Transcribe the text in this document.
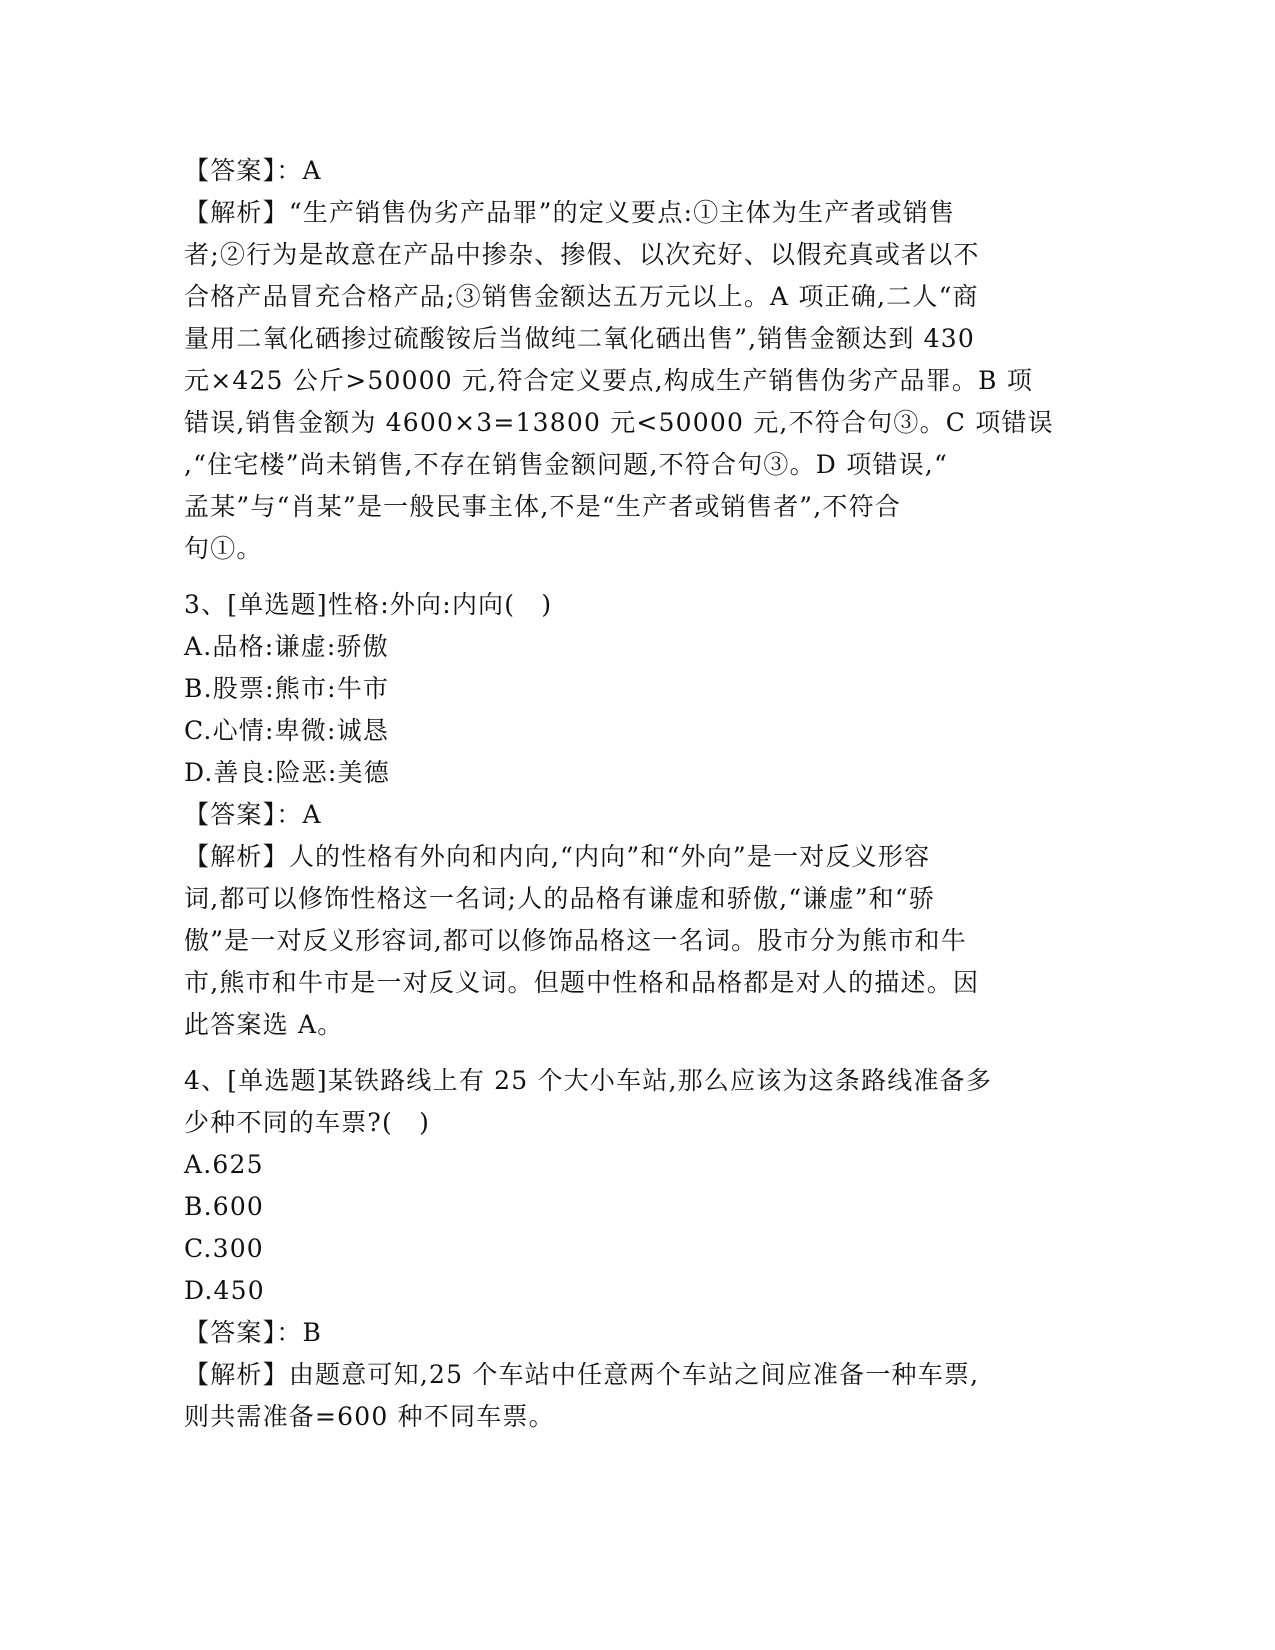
【答案】：A
【解析】“生产销售伪劣产品罪”的定义要点:①主体为生产者或销售
者;②行为是故意在产品中掺杂、掺假、以次充好、以假充真或者以不
合格产品冒充合格产品;③销售金额达五万元以上。A 项正确,二人“商
量用二氧化硒掺过硫酸铵后当做纯二氧化硒出售”,销售金额达到 430
元×425 公斤>50000 元,符合定义要点,构成生产销售伪劣产品罪。B 项
错误,销售金额为 4600×3=13800 元<50000 元,不符合句③。C 项错误
,“住宅楼”尚未销售,不存在销售金额问题,不符合句③。D 项错误,“
孟某”与“肖某”是一般民事主体,不是“生产者或销售者”,不符合
句①。
3、[单选题]性格:外向:内向(　)
A.品格:谦虚:骄傲
B.股票:熊市:牛市
C.心情:卑微:诚恳
D.善良:险恶:美德
【答案】：A
【解析】人的性格有外向和内向,“内向”和“外向”是一对反义形容
词,都可以修饰性格这一名词;人的品格有谦虚和骄傲,“谦虚”和“骄
傲”是一对反义形容词,都可以修饰品格这一名词。股市分为熊市和牛
市,熊市和牛市是一对反义词。但题中性格和品格都是对人的描述。因
此答案选 A。
4、[单选题]某铁路线上有 25 个大小车站,那么应该为这条路线准备多
少种不同的车票?(　)
A.625
B.600
C.300
D.450
【答案】：B
【解析】由题意可知,25 个车站中任意两个车站之间应准备一种车票,
则共需准备=600 种不同车票。
